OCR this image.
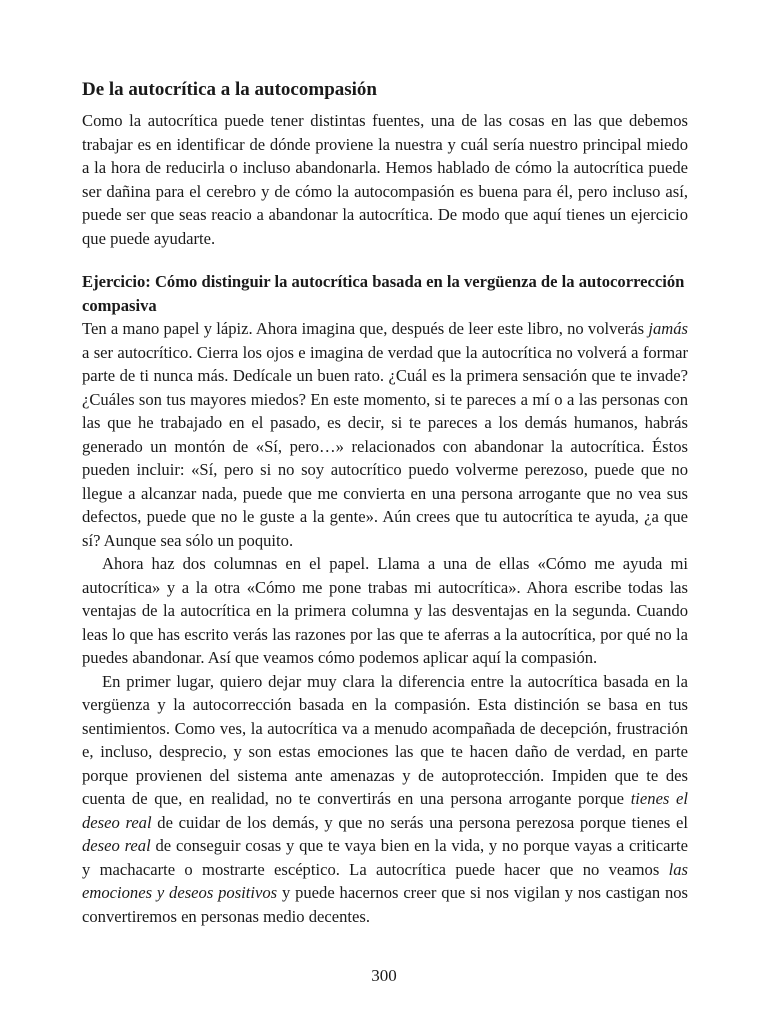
De la autocrítica a la autocompasión

Como la autocrítica puede tener distintas fuentes, una de las cosas en las que debemos trabajar es en identificar de dónde proviene la nuestra y cuál sería nuestro principal miedo a la hora de reducirla o incluso abandonarla. Hemos hablado de cómo la autocrítica puede ser dañina para el cerebro y de cómo la autocompasión es buena para él, pero incluso así, puede ser que seas reacio a abandonar la autocrítica. De modo que aquí tienes un ejercicio que puede ayudarte.

Ejercicio: Cómo distinguir la autocrítica basada en la vergüenza de la autocorrección compasiva

Ten a mano papel y lápiz. Ahora imagina que, después de leer este libro, no volverás jamás a ser autocrítico. Cierra los ojos e imagina de verdad que la autocrítica no volverá a formar parte de ti nunca más. Dedícale un buen rato. ¿Cuál es la primera sensación que te invade? ¿Cuáles son tus mayores miedos? En este momento, si te pareces a mí o a las personas con las que he trabajado en el pasado, es decir, si te pareces a los demás humanos, habrás generado un montón de «Sí, pero…» relacionados con abandonar la autocrítica. Éstos pueden incluir: «Sí, pero si no soy autocrítico puedo volverme perezoso, puede que no llegue a alcanzar nada, puede que me convierta en una persona arrogante que no vea sus defectos, puede que no le guste a la gente». Aún crees que tu autocrítica te ayuda, ¿a que sí? Aunque sea sólo un poquito.

Ahora haz dos columnas en el papel. Llama a una de ellas «Cómo me ayuda mi autocrítica» y a la otra «Cómo me pone trabas mi autocrítica». Ahora escribe todas las ventajas de la autocrítica en la primera columna y las desventajas en la segunda. Cuando leas lo que has escrito verás las razones por las que te aferras a la autocrítica, por qué no la puedes abandonar. Así que veamos cómo podemos aplicar aquí la compasión.

En primer lugar, quiero dejar muy clara la diferencia entre la autocrítica basada en la vergüenza y la autocorrección basada en la compasión. Esta distinción se basa en tus sentimientos. Como ves, la autocrítica va a menudo acompañada de decepción, frustración e, incluso, desprecio, y son estas emociones las que te hacen daño de verdad, en parte porque provienen del sistema ante amenazas y de autoprotección. Impiden que te des cuenta de que, en realidad, no te convertirás en una persona arrogante porque tienes el deseo real de cuidar de los demás, y que no serás una persona perezosa porque tienes el deseo real de conseguir cosas y que te vaya bien en la vida, y no porque vayas a criticarte y machacarte o mostrarte escéptico. La autocrítica puede hacer que no veamos las emociones y deseos positivos y puede hacernos creer que si nos vigilan y nos castigan nos convertiremos en personas medio decentes.

300
